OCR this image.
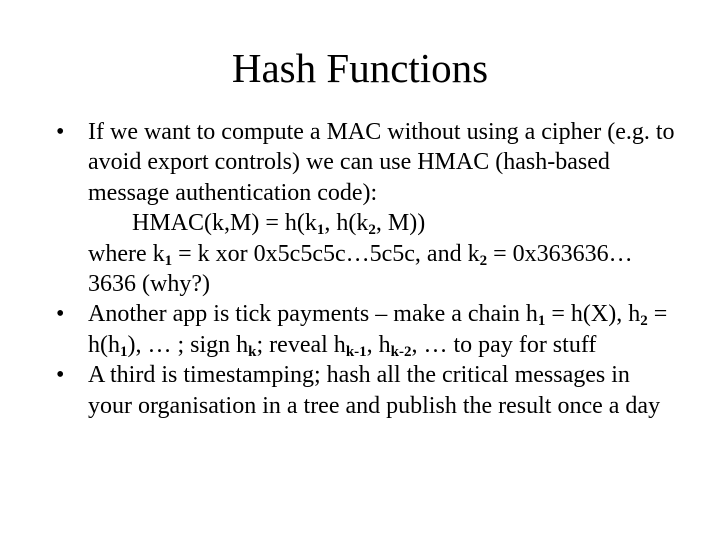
Hash Functions
• If we want to compute a MAC without using a cipher (e.g. to avoid export controls) we can use HMAC (hash-based message authentication code):
HMAC(k,M) = $h(k_1$, $h(k_2$, M))
where $k_1 = k$ xor 0x5c5c5c…5c5c, and $k_2$ = 0x363636…3636 (why?)
• Another app is tick payments – make a chain $h_1 = h(X)$, $h_2 = h(h_1)$, … ; sign $h_k$; reveal $h_{k-1}$, $h_{k-2}$, … to pay for stuff
• A third is timestamping; hash all the critical messages in your organisation in a tree and publish the result once a day
